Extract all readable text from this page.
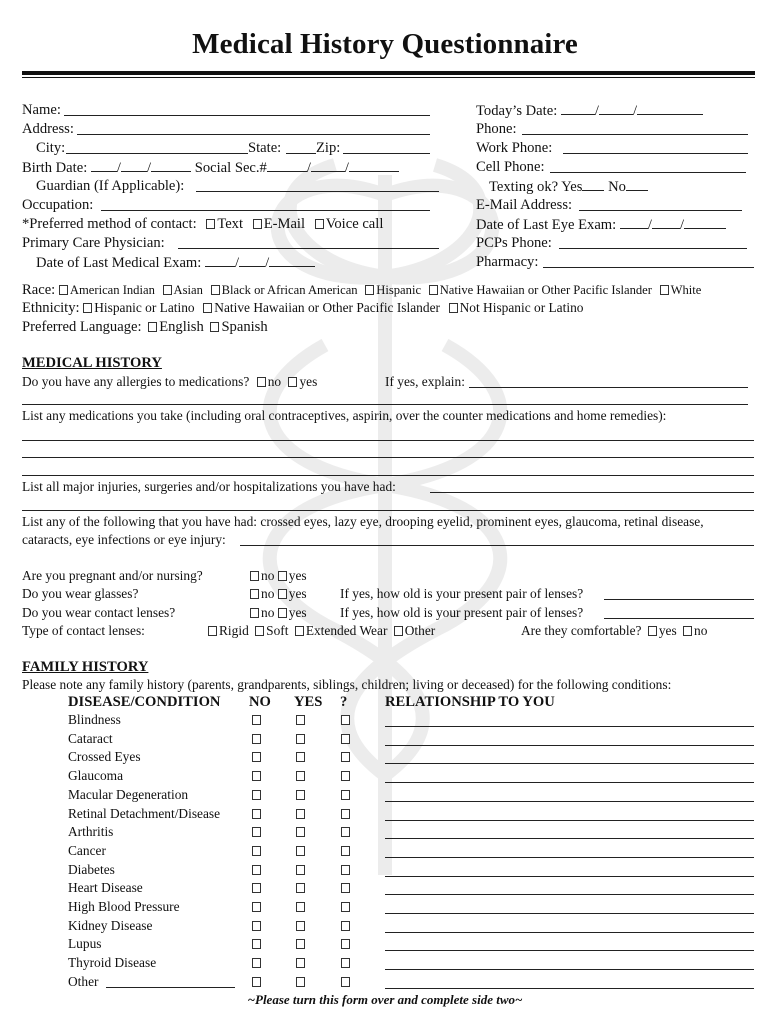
Medical History Questionnaire
Name:
Address:
City:	State: Zip:
Birth Date: / /	Social Sec.#	/ /
Guardian (If Applicable):
Occupation:
*Preferred method of contact: Text E-Mail Voice call
Primary Care Physician:
Date of Last Medical Exam: / /
Today’s Date:	/ /
Phone:
Work Phone:
Cell Phone:
Texting ok? Yes No
E-Mail Address:
Date of Last Eye Exam: / /
PCPs Phone:
Pharmacy:
Race: American Indian Asian Black or African American Hispanic Native Hawaiian or Other Pacific Islander White
Ethnicity: Hispanic or Latino Native Hawaiian or Other Pacific Islander Not Hispanic or Latino
Preferred Language: English Spanish
MEDICAL HISTORY
Do you have any allergies to medications? no yes	If yes, explain:
List any medications you take (including oral contraceptives, aspirin, over the counter medications and home remedies):
List all major injuries, surgeries and/or hospitalizations you have had:
List any of the following that you have had: crossed eyes, lazy eye, drooping eyelid, prominent eyes, glaucoma, retinal disease,
cataracts, eye infections or eye injury:
Are you pregnant and/or nursing?	no yes
Do you wear glasses?	no yes If yes, how old is your present pair of lenses?
Do you wear contact lenses?	no yes If yes, how old is your present pair of lenses?
Type of contact lenses:	Rigid Soft Extended Wear Other	Are they comfortable? yes no
FAMILY HISTORY
Please note any family history (parents, grandparents, siblings, children; living or deceased) for the following conditions:
DISEASE/CONDITION NO YES ?	RELATIONSHIP TO YOU
Blindness
Cataract
Crossed Eyes
Glaucoma
Macular Degeneration
Retinal Detachment/Disease
Arthritis
Cancer
Diabetes
Heart Disease
High Blood Pressure
Kidney Disease
Lupus
Thyroid Disease
Other
~Please turn this form over and complete side two~
